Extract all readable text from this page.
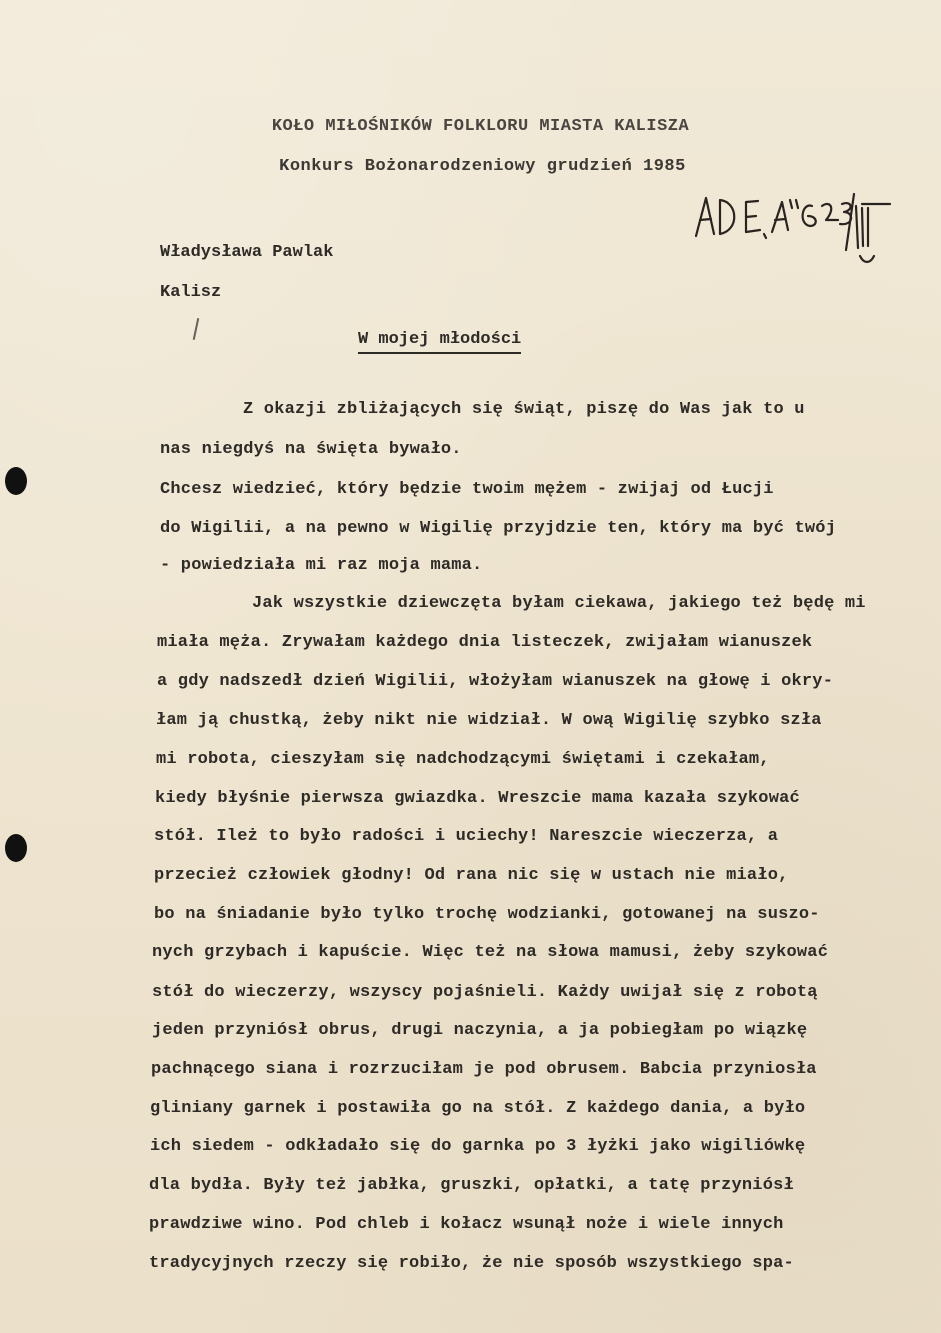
KOŁO MIŁOŚNIKÓW FOLKLORU MIASTA KALISZA
Konkurs Bożonarodzeniowy grudzień 1985
Władysława Pawlak
Kalisz
W mojej młodości
Z okazji zbliżających się świąt, piszę do Was jak to u
nas niegdyś na święta bywało.
Chcesz wiedzieć, który będzie twoim mężem - zwijaj od Łucji
do Wigilii, a na pewno w Wigilię przyjdzie ten, który ma być twój
- powiedziała mi raz moja mama.
Jak wszystkie dziewczęta byłam ciekawa, jakiego też będę mi
miała męża. Zrywałam każdego dnia listeczek, zwijałam wianuszek
a gdy nadszedł dzień Wigilii, włożyłam wianuszek na głowę i okry-
łam ją chustką, żeby nikt nie widział. W ową Wigilię szybko szła
mi robota, cieszyłam się nadchodzącymi świętami i czekałam,
kiedy błyśnie pierwsza gwiazdka. Wreszcie mama kazała szykować
stół. Ileż to było radości i uciechy! Nareszcie wieczerza, a
przecież człowiek głodny! Od rana nic się w ustach nie miało,
bo na śniadanie było tylko trochę wodzianki, gotowanej na suszo-
nych grzybach i kapuście. Więc też na słowa mamusi, żeby szykować
stół do wieczerzy, wszyscy pojaśnieli. Każdy uwijał się z robotą
jeden przyniósł obrus, drugi naczynia, a ja pobiegłam po wiązkę
pachnącego siana i rozrzuciłam je pod obrusem. Babcia przyniosła
gliniany garnek i postawiła go na stół. Z każdego dania, a było
ich siedem - odkładało się do garnka po 3 łyżki jako wigiliówkę
dla bydła. Były też jabłka, gruszki, opłatki, a tatę przyniósł
prawdziwe wino. Pod chleb i kołacz wsunął noże i wiele innych
tradycyjnych rzeczy się robiło, że nie sposób wszystkiego spa-
